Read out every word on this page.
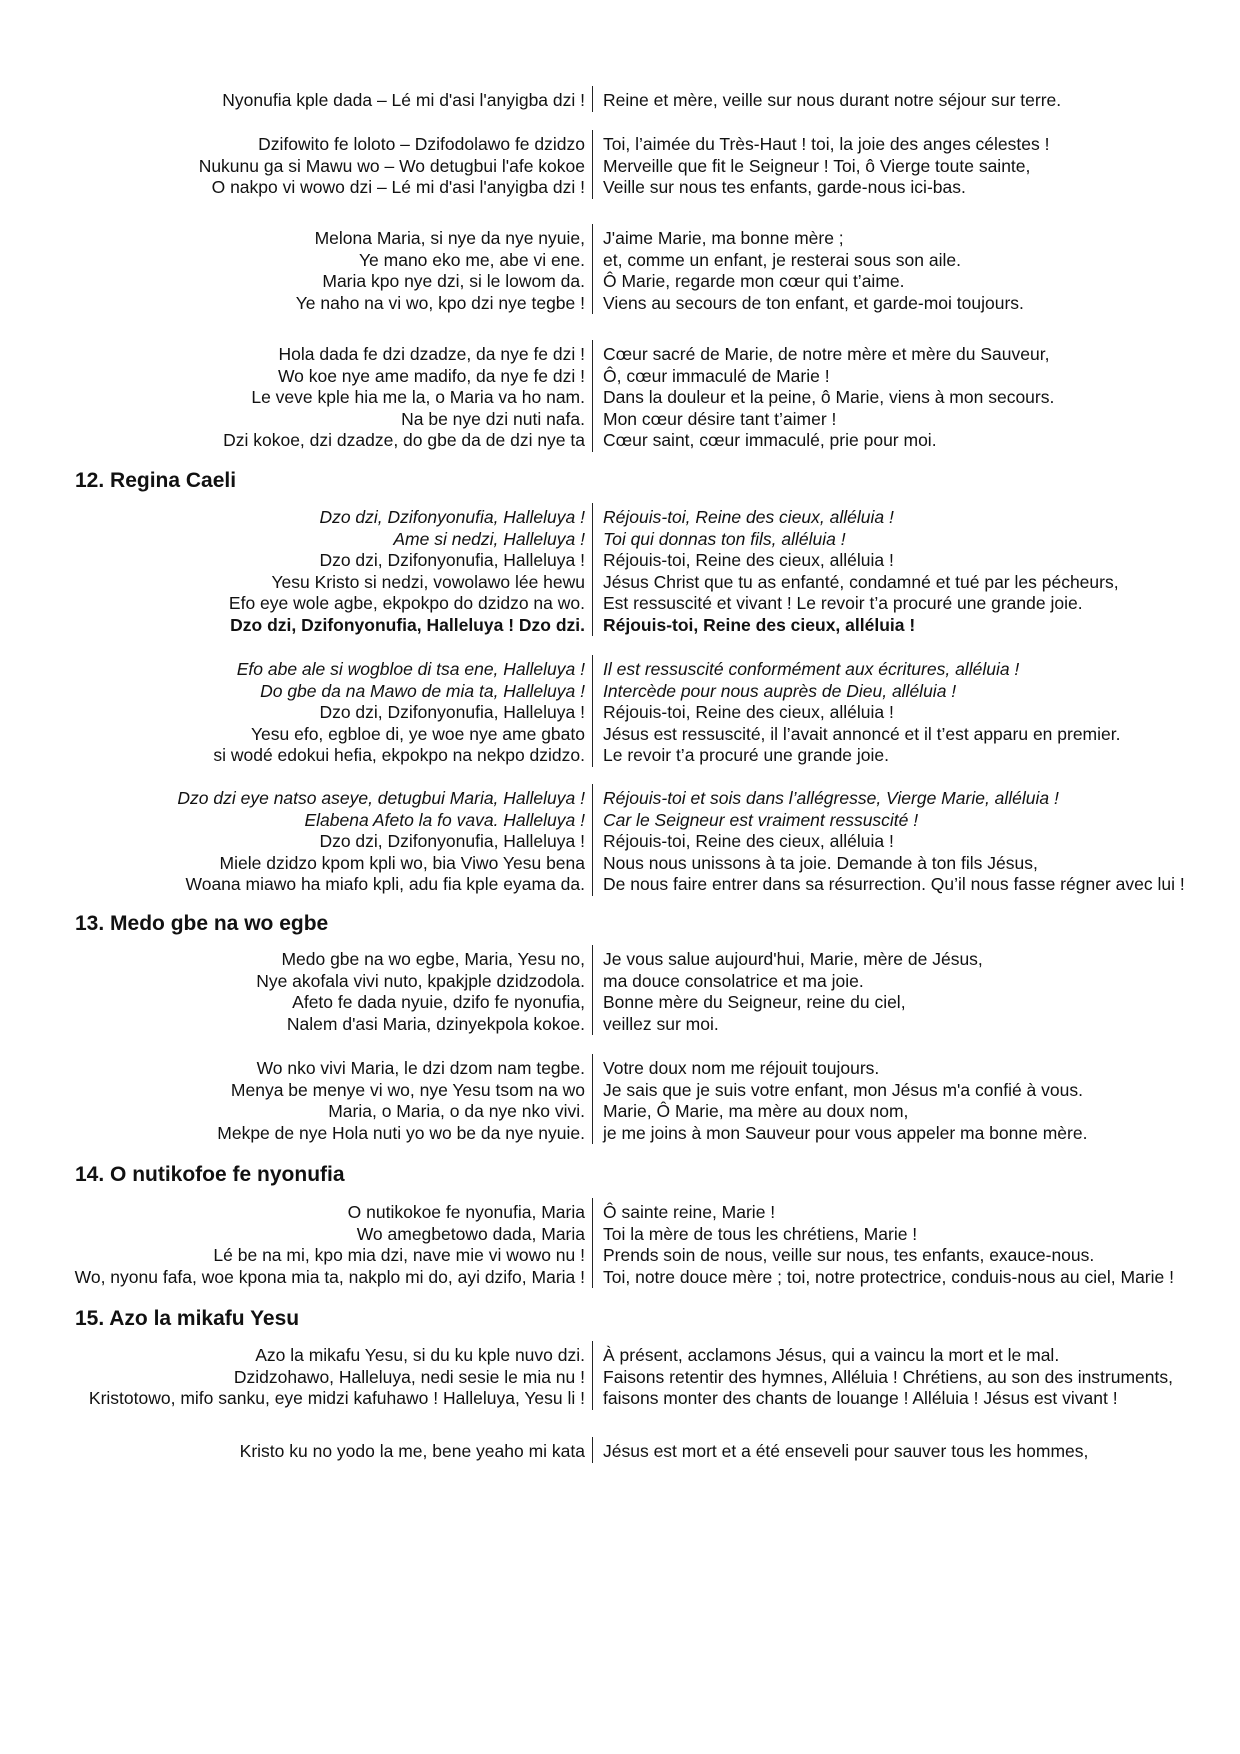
Nyonufia kple dada – Lé mi d'asi l'anyigba dzi ! Reine et mère, veille sur nous durant notre séjour sur terre.
Dzifowito fe loloto – Dzifodolawo fe dzidzo Toi, l’aimée du Très-Haut ! toi, la joie des anges célestes !
Nukunu ga si Mawu wo – Wo detugbui l'afe kokoe Merveille que fit le Seigneur ! Toi, ô Vierge toute sainte,
O nakpo vi wowo dzi – Lé mi d'asi l'anyigba dzi ! Veille sur nous tes enfants, garde-nous ici-bas.
Melona Maria, si nye da nye nyuie, J'aime Marie, ma bonne mère ;
Ye mano eko me, abe vi ene. et, comme un enfant, je resterai sous son aile.
Maria kpo nye dzi, si le lowom da. Ô Marie, regarde mon cœur qui t’aime.
Ye naho na vi wo, kpo dzi nye tegbe ! Viens au secours de ton enfant, et garde-moi toujours.
Hola dada fe dzi dzadze, da nye fe dzi ! Cœur sacré de Marie, de notre mère et mère du Sauveur,
Wo koe nye ame madifo, da nye fe dzi ! Ô, cœur immaculé de Marie !
Le veve kple hia me la, o Maria va ho nam. Dans la douleur et la peine, ô Marie, viens à mon secours.
Na be nye dzi nuti nafa. Mon cœur désire tant t’aimer !
Dzi kokoe, dzi dzadze, do gbe da de dzi nye ta Cœur saint, cœur immaculé, prie pour moi.
12. Regina Caeli
Dzo dzi, Dzifonyonufia, Halleluya ! Réjouis-toi, Reine des cieux, alléluia !
Ame si nedzi, Halleluya ! Toi qui donnas ton fils, alléluia !
Dzo dzi, Dzifonyonufia, Halleluya ! Réjouis-toi, Reine des cieux, alléluia !
Yesu Kristo si nedzi, vowolawo lée hewu Jésus Christ que tu as enfanté, condamné et tué par les pécheurs,
Efo eye wole agbe, ekpokpo do dzidzo na wo. Est ressuscité et vivant ! Le revoir t’a procuré une grande joie.
Dzo dzi, Dzifonyonufia, Halleluya ! Dzo dzi. Réjouis-toi, Reine des cieux, alléluia !
Efo abe ale si wogbloe di tsa ene, Halleluya ! Il est ressuscité conformément aux écritures, alléluia !
Do gbe da na Mawo de mia ta, Halleluya ! Intercède pour nous auprès de Dieu, alléluia !
Dzo dzi, Dzifonyonufia, Halleluya ! Réjouis-toi, Reine des cieux, alléluia !
Yesu efo, egbloe di, ye woe nye ame gbato Jésus est ressuscité, il l’avait annoncé et il t’est apparu en premier.
si wodé edokui hefia, ekpokpo na nekpo dzidzo. Le revoir t’a procuré une grande joie.
Dzo dzi eye natso aseye, detugbui Maria, Halleluya ! Réjouis-toi et sois dans l’allégresse, Vierge Marie, alléluia !
Elabena Afeto la fo vava. Halleluya ! Car le Seigneur est vraiment ressuscité !
Dzo dzi, Dzifonyonufia, Halleluya ! Réjouis-toi, Reine des cieux, alléluia !
Miele dzidzo kpom kpli wo, bia Viwo Yesu bena Nous nous unissons à ta joie. Demande à ton fils Jésus,
Woana miawo ha miafo kpli, adu fia kple eyama da. De nous faire entrer dans sa résurrection. Qu’il nous fasse régner avec lui !
13. Medo gbe na wo egbe
Medo gbe na wo egbe, Maria, Yesu no, Je vous salue aujourd'hui, Marie, mère de Jésus,
Nye akofala vivi nuto, kpakjple dzidzodola. ma douce consolatrice et ma joie.
Afeto fe dada nyuie, dzifo fe nyonufia, Bonne mère du Seigneur, reine du ciel,
Nalem d'asi Maria, dzinyekpola kokoe. veillez sur moi.
Wo nko vivi Maria, le dzi dzom nam tegbe. Votre doux nom me réjouit toujours.
Menya be menye vi wo, nye Yesu tsom na wo Je sais que je suis votre enfant, mon Jésus m'a confié à vous.
Maria, o Maria, o da nye nko vivi. Marie, Ô Marie, ma mère au doux nom,
Mekpe de nye Hola nuti yo wo be da nye nyuie. je me joins à mon Sauveur pour vous appeler ma bonne mère.
14. O nutikofoe fe nyonufia
O nutikokoe fe nyonufia, Maria Ô sainte reine, Marie !
Wo amegbetowo dada, Maria Toi la mère de tous les chrétiens, Marie !
Lé be na mi, kpo mia dzi, nave mie vi wowo nu ! Prends soin de nous, veille sur nous, tes enfants, exauce-nous.
Wo, nyonu fafa, woe kpona mia ta, nakplo mi do, ayi dzifo, Maria ! Toi, notre douce mère ; toi, notre protectrice, conduis-nous au ciel, Marie !
15. Azo la mikafu Yesu
Azo la mikafu Yesu, si du ku kple nuvo dzi. À présent, acclamons Jésus, qui a vaincu la mort et le mal.
Dzidzohawo, Halleluya, nedi sesie le mia nu ! Faisons retentir des hymnes, Alléluia ! Chrétiens, au son des instruments,
Kristotowo, mifo sanku, eye midzi kafuhawo ! Halleluya, Yesu li ! faisons monter des chants de louange ! Alléluia ! Jésus est vivant !
Kristo ku no yodo la me, bene yeaho mi kata Jésus est mort et a été enseveli pour sauver tous les hommes,
